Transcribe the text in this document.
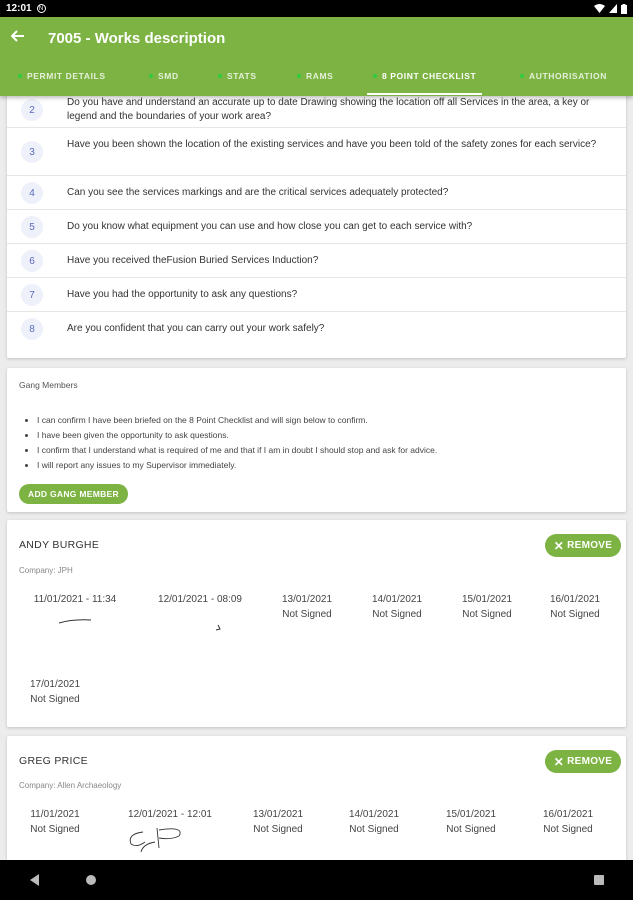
12:01	N
7005 - Works description
PERMIT DETAILS	SMD	STATS	RAMS	8 POINT CHECKLIST	AUTHORISATION
2
Do you have and understand an accurate up to date Drawing showing the location off all Services in the area, a key or legend and the boundaries of your work area?
3
Have you been shown the location of the existing services and have you been told of the safety zones for each service?
4	Can you see the services markings and are the critical services adequately protected?
5	Do you know what equipment you can use and how close you can get to each service with?
6	Have you received theFusion Buried Services Induction?
7	Have you had the opportunity to ask any questions?
8	Are you confident that you can carry out your work safely?
Gang Members
• I can confirm I have been briefed on the 8 Point Checklist and will sign below to confirm.
• I have been given the opportunity to ask questions.
• I confirm that I understand what is required of me and that if I am in doubt I should stop and ask for advice.
• I will report any issues to my Supervisor immediately.
ADD GANG MEMBER
ANDY BURGHE	✕ REMOVE
Company: JPH
11/01/2021 - 11:34	12/01/2021 - 08:09	13/01/2021
Not Signed
14/01/2021
Not Signed
15/01/2021
Not Signed
16/01/2021
Not Signed
17/01/2021
Not Signed
GREG PRICE	✕ REMOVE
Company: Allen Archaeology
11/01/2021
Not Signed
12/01/2021 - 12:01	13/01/2021
Not Signed
14/01/2021
Not Signed
15/01/2021
Not Signed
16/01/2021
Not Signed
